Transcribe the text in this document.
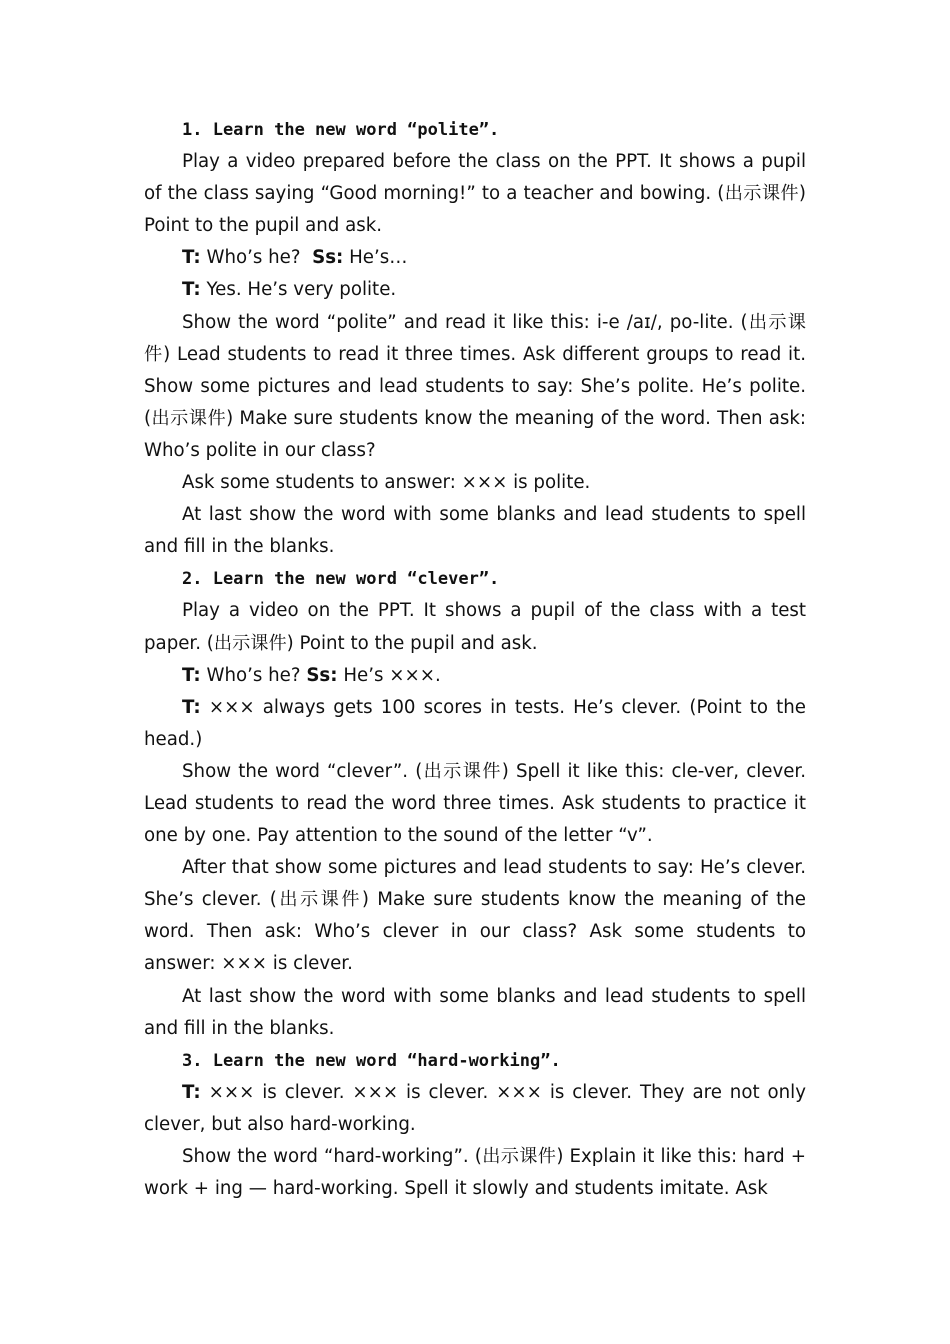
1. Learn the new word “polite”.

Play a video prepared before the class on the PPT. It shows a pupil of the class saying “Good morning!” to a teacher and bowing. (出示课件) Point to the pupil and ask.

T: Who’s he? Ss: He’s…

T: Yes. He’s very polite.

Show the word “polite” and read it like this: i-e /aɪ/, po-lite. (出示课件) Lead students to read it three times. Ask different groups to read it. Show some pictures and lead students to say: She’s polite. He’s polite. (出示课件) Make sure students know the meaning of the word. Then ask: Who’s polite in our class?

Ask some students to answer: ××× is polite.

At last show the word with some blanks and lead students to spell and fill in the blanks.

2. Learn the new word “clever”.

Play a video on the PPT. It shows a pupil of the class with a test paper. (出示课件) Point to the pupil and ask.

T: Who’s he? Ss: He’s ×××.

T: ××× always gets 100 scores in tests. He’s clever. (Point to the head.)

Show the word “clever”. (出示课件) Spell it like this: cle-ver, clever. Lead students to read the word three times. Ask students to practice it one by one. Pay attention to the sound of the letter “v”.

After that show some pictures and lead students to say: He’s clever. She’s clever. (出示课件) Make sure students know the meaning of the word. Then ask: Who’s clever in our class? Ask some students to answer: ××× is clever.

At last show the word with some blanks and lead students to spell and fill in the blanks.

3. Learn the new word “hard-working”.

T: ××× is clever. ××× is clever. ××× is clever. They are not only clever, but also hard-working.

Show the word “hard-working”. (出示课件) Explain it like this: hard + work + ing — hard-working. Spell it slowly and students imitate. Ask
